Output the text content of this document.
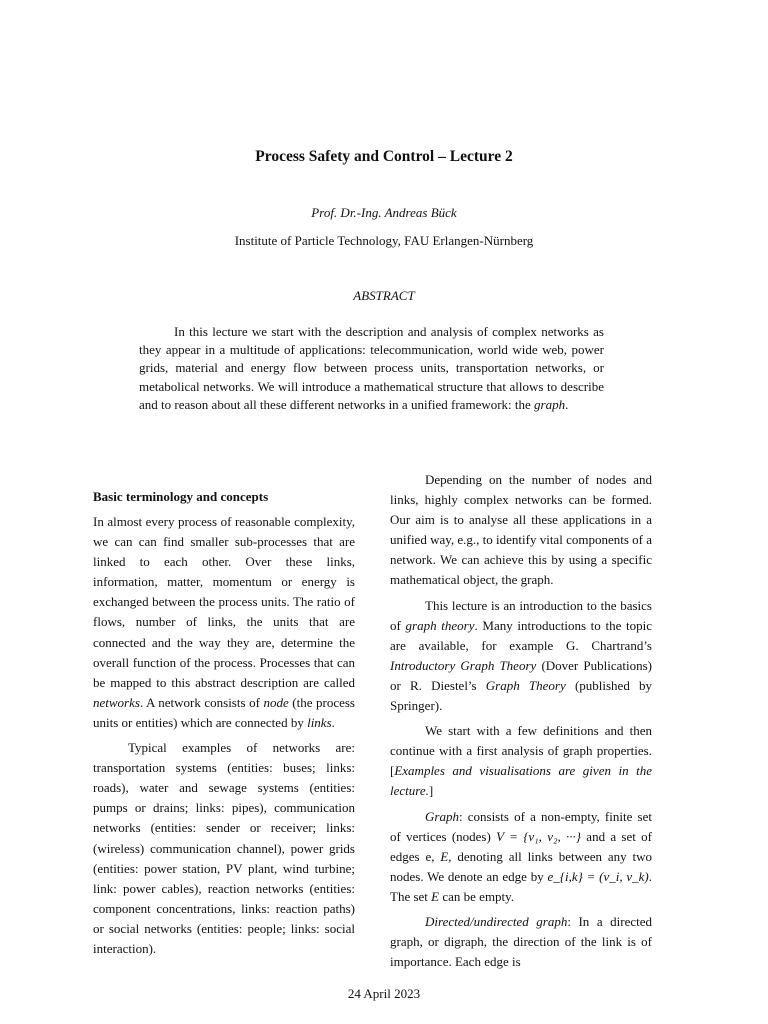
Process Safety and Control – Lecture 2
Prof. Dr.-Ing. Andreas Bück
Institute of Particle Technology, FAU Erlangen-Nürnberg
ABSTRACT

In this lecture we start with the description and analysis of complex networks as they appear in a multitude of applications: telecommunication, world wide web, power grids, material and energy flow between process units, transportation networks, or metabolical networks. We will introduce a mathematical structure that allows to describe and to reason about all these different networks in a unified framework: the graph.

Basic terminology and concepts

In almost every process of reasonable complexity, we can can find smaller sub-processes that are linked to each other. Over these links, information, matter, momentum or energy is exchanged between the process units. The ratio of flows, number of links, the units that are connected and the way they are, determine the overall function of the process. Processes that can be mapped to this abstract description are called networks. A network consists of node (the process units or entities) which are connected by links.

Typical examples of networks are: transportation systems (entities: buses; links: roads), water and sewage systems (entities: pumps or drains; links: pipes), communication networks (entities: sender or receiver; links: (wireless) communication channel), power grids (entities: power station, PV plant, wind turbine; link: power cables), reaction networks (entities: component concentrations, links: reaction paths) or social networks (entities: people; links: social interaction).

Depending on the number of nodes and links, highly complex networks can be formed. Our aim is to analyse all these applications in a unified way, e.g., to identify vital components of a network. We can achieve this by using a specific mathematical object, the graph.

This lecture is an introduction to the basics of graph theory. Many introductions to the topic are available, for example G. Chartrand’s Introductory Graph Theory (Dover Publications) or R. Diestel’s Graph Theory (published by Springer).

We start with a few definitions and then continue with a first analysis of graph properties. [Examples and visualisations are given in the lecture.]

Graph: consists of a non-empty, finite set of vertices (nodes) V = {v₁, v₂, ···} and a set of edges e, E, denoting all links between any two nodes. We denote an edge by e_{i,k} = (v_i, v_k). The set E can be empty.

Directed/undirected graph: In a directed graph, or digraph, the direction of the link is of importance. Each edge is

24 April 2023
